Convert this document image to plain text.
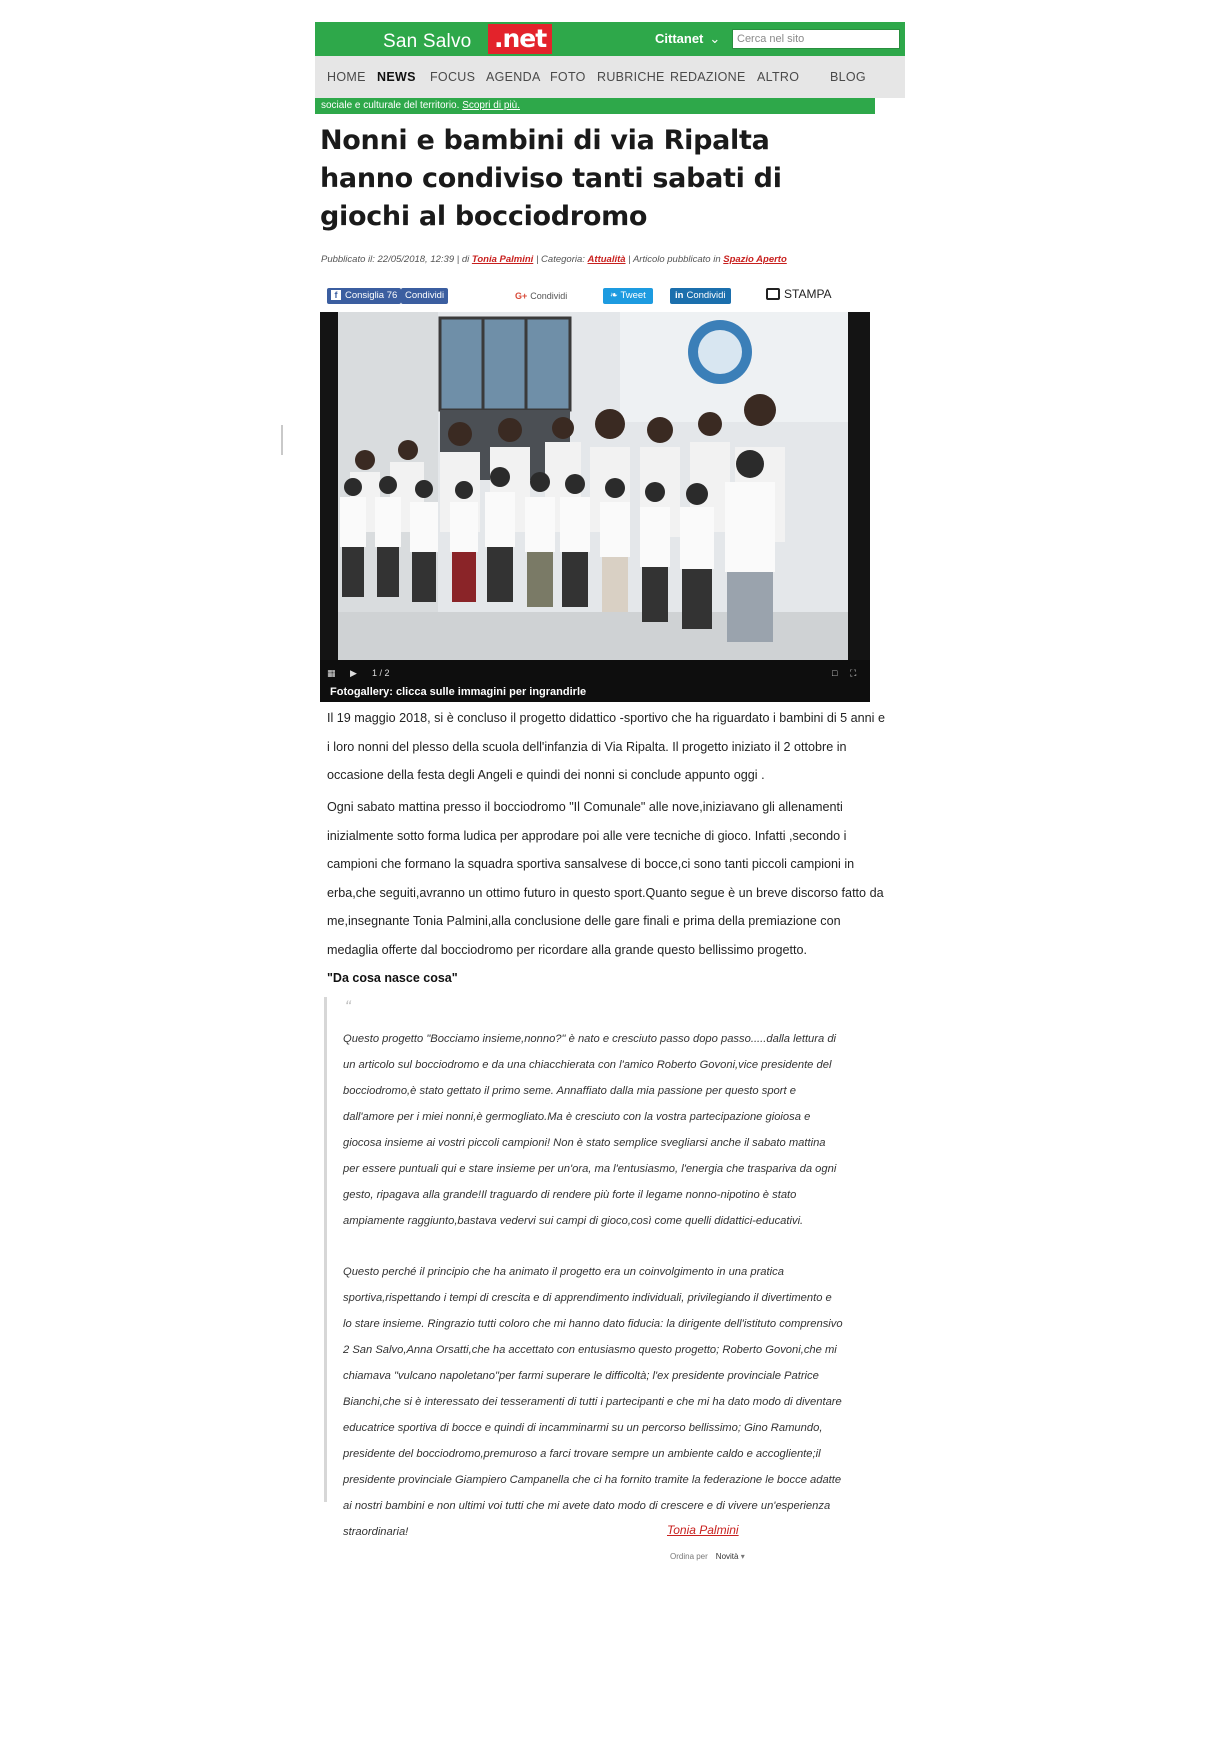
San Salvo .net	Cittanet ⌄	Cerca nel sito
HOME NEWS FOCUS AGENDA FOTO RUBRICHE REDAZIONE ALTRO BLOG
sociale e culturale del territorio. Scopri di più.
Nonni e bambini di via Ripalta hanno condiviso tanti sabati di giochi al bocciodromo
Pubblicato il: 22/05/2018, 12:39 | di Tonia Palmini | Categoria: Attualità | Articolo pubblicato in Spazio Aperto
f Consiglia 76 Condividi	G+ Condividi	❧ Tweet	in Condividi	STAMPA
▦ ▶ 1 / 2	□ ⛶
Fotogallery: clicca sulle immagini per ingrandirle

Il 19 maggio 2018, si è concluso il progetto didattico -sportivo che ha riguardato i bambini di 5 anni e i loro nonni del plesso della scuola dell'infanzia di Via Ripalta. Il progetto iniziato il 2 ottobre in occasione della festa degli Angeli e quindi dei nonni si conclude appunto oggi .

Ogni sabato mattina presso il bocciodromo "Il Comunale" alle nove,iniziavano gli allenamenti inizialmente sotto forma ludica per approdare poi alle vere tecniche di gioco. Infatti ,secondo i campioni che formano la squadra sportiva sansalvese di bocce,ci sono tanti piccoli campioni in erba,che seguiti,avranno un ottimo futuro in questo sport.Quanto segue è un breve discorso fatto da me,insegnante Tonia Palmini,alla conclusione delle gare finali e prima della premiazione con medaglia offerte dal bocciodromo per ricordare alla grande questo bellissimo progetto.

"Da cosa nasce cosa"
“

Questo progetto "Bocciamo insieme,nonno?" è nato e cresciuto passo dopo passo.....dalla lettura di un articolo sul bocciodromo e da una chiacchierata con l'amico Roberto Govoni,vice presidente del bocciodromo,è stato gettato il primo seme. Annaffiato dalla mia passione per questo sport e dall'amore per i miei nonni,è germogliato.Ma è cresciuto con la vostra partecipazione gioiosa e giocosa insieme ai vostri piccoli campioni! Non è stato semplice svegliarsi anche il sabato mattina per essere puntuali qui e stare insieme per un'ora, ma l'entusiasmo, l'energia che traspariva da ogni gesto, ripagava alla grande!Il traguardo di rendere più forte il legame nonno-nipotino è stato ampiamente raggiunto,bastava vedervi sui campi di gioco,così come quelli didattici-educativi.

Questo perché il principio che ha animato il progetto era un coinvolgimento in una pratica sportiva,rispettando i tempi di crescita e di apprendimento individuali, privilegiando il divertimento e lo stare insieme. Ringrazio tutti coloro che mi hanno dato fiducia: la dirigente dell'istituto comprensivo 2 San Salvo,Anna Orsatti,che ha accettato con entusiasmo questo progetto; Roberto Govoni,che mi chiamava "vulcano napoletano"per farmi superare le difficoltà; l'ex presidente provinciale Patrice Bianchi,che si è interessato dei tesseramenti di tutti i partecipanti e che mi ha dato modo di diventare educatrice sportiva di bocce e quindi di incamminarmi su un percorso bellissimo; Gino Ramundo, presidente del bocciodromo,premuroso a farci trovare sempre un ambiente caldo e accogliente;il presidente provinciale Giampiero Campanella che ci ha fornito tramite la federazione le bocce adatte ai nostri bambini e non ultimi voi tutti che mi avete dato modo di crescere e di vivere un'esperienza straordinaria!	Tonia Palmini
Ordina per Novità ▾
